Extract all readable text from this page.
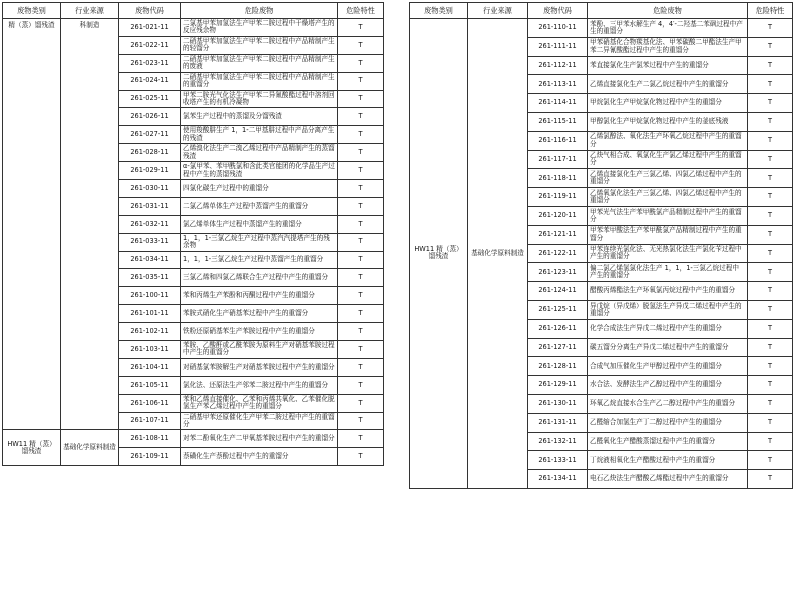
废物类别	行业来源	废物代码	危险废物	危险特性
精（蒸）馏残渣	科制造	261-021-11	二氯基甲苯加氢法生产甲苯二胺过程中干燥塔产生的反应残余物	T
		261-022-11	二硝基甲苯加氢法生产甲苯二胺过程中产品精制产生的轻馏分	T
		261-023-11	二硝基甲苯加氢法生产甲苯二胺过程中产品精制产生的废液	T
		261-024-11	二硝基甲苯加氢法生产甲苯二胺过程中产品精制产生的重馏分	T
		261-025-11	甲苯二胺光气化法生产甲苯二异氰酸酯过程中溶剂回收塔产生的有机冷凝物	T
		261-026-11	氯苯生产过程中的蒸馏及分馏残渣	T
		261-027-11	使用羧酸肼生产 1，1-二甲基肼过程中产品分离产生的残渣	T
		261-028-11	乙烯溴化法生产二溴乙烯过程中产品精制产生的蒸馏残渣	T
		261-029-11	α-氯甲苯、苯甲酰氯和含此类官能团的化学品生产过程中产生的蒸馏残渣	T
		261-030-11	四氯化碳生产过程中的重馏分	T
		261-031-11	二氯乙烯单体生产过程中蒸馏产生的重馏分	T
		261-032-11	氯乙烯单体生产过程中蒸馏产生的重馏分	T
		261-033-11	1，1，1-三氯乙烷生产过程中蒸汽汽提塔产生的残余物	T
		261-034-11	1，1，1-三氯乙烷生产过程中蒸馏产生的重馏分	T
		261-035-11	三氯乙烯和四氯乙烯联合生产过程中产生的重馏分	T
		261-100-11	苯和丙烯生产苯酚和丙酮过程中产生的重馏分	T
		261-101-11	苯胺式硝化生产硝基苯过程中产生的重馏分	T
		261-102-11	铁粉还原硝基苯生产苯胺过程中产生的重馏分	T
		261-103-11	苯胺、乙酸酐或乙酰苯胺为原料生产对硝基苯胺过程中产生的重馏分	T
		261-104-11	对硝基氯苯胺解生产对硝基苯胺过程中产生的重馏分	T
		261-105-11	氯化法、还原法生产邻苯二胺过程中产生的重馏分	T
		261-106-11	苯和乙烯直接催化、乙苯和丙烯共氧化、乙苯催化脱氢生产苯乙烯过程中产生的重馏分	T
		261-107-11	二硝基甲苯还原催化生产甲苯二胺过程中产生的重馏分	T
HW11 精（蒸）馏残渣	基础化学原料制造	261-108-11	对苯二酚氧化生产二甲氧基苯胺过程中产生的重馏分	T
		261-109-11	萘磺化生产萘酚过程中产生的重馏分	T
废物类别	行业来源	废物代码	危险废物	危险特性
HW11 精（蒸）馏残渣	基础化学原料制造	261-110-11	苯酚、三甲苯水解生产 4，4′-二羟基二苯砜过程中产生的重馏分	T
		261-111-11	甲苯硝基化合物羰基化法、甲苯碳酸二甲酯法生产甲苯二异氰酸酯过程中产生的重馏分	T
		261-112-11	苯直接氯化生产氯苯过程中产生的重馏分	T
		261-113-11	乙烯直接氯化生产二氯乙烷过程中产生的重馏分	T
		261-114-11	甲烷氯化生产甲烷氯化物过程中产生的重馏分	T
		261-115-11	甲醇氯化生产甲烷氯化物过程中产生的釜底残液	T
		261-116-11	乙烯氯醇法、氧化法生产环氧乙烷过程中产生的重馏分	T
		261-117-11	乙炔气相合成、氧氯化生产氯乙烯过程中产生的重馏分	T
		261-118-11	乙烯直接氯化生产三氯乙烯、四氯乙烯过程中产生的重馏分	T
		261-119-11	乙烯氧氯化法生产三氯乙烯、四氯乙烯过程中产生的重馏分	T
		261-120-11	甲苯光气法生产苯甲酰氯产品精制过程中产生的重馏分	T
		261-121-11	甲苯苯甲酸法生产苯甲酰氯产品精制过程中产生的重馏分	T
		261-122-11	甲苯连续光氯化法、无光热氯化法生产氯化苄过程中产生的重馏分	T
		261-123-11	偏二氯乙烯氢氯化法生产 1，1，1-三氯乙烷过程中产生的重馏分	T
		261-124-11	醋酸丙烯酯法生产环氧氯丙烷过程中产生的重馏分	T
		261-125-11	异戊烷（异戊烯）脱氢法生产异戊二烯过程中产生的重馏分	T
		261-126-11	化学合成法生产异戊二烯过程中产生的重馏分	T
		261-127-11	碳五馏分分离生产异戊二烯过程中产生的重馏分	T
		261-128-11	合成气加压催化生产甲醇过程中产生的重馏分	T
		261-129-11	水合法、发酵法生产乙醇过程中产生的重馏分	T
		261-130-11	环氧乙烷直接水合生产乙二醇过程中产生的重馏分	T
		261-131-11	乙醛缩合加氢生产丁二醇过程中产生的重馏分	T
		261-132-11	乙醛氧化生产醋酸蒸馏过程中产生的重馏分	T
		261-133-11	丁烷液相氧化生产醋酸过程中产生的重馏分	T
		261-134-11	电石乙炔法生产醋酸乙烯酯过程中产生的重馏分	T
